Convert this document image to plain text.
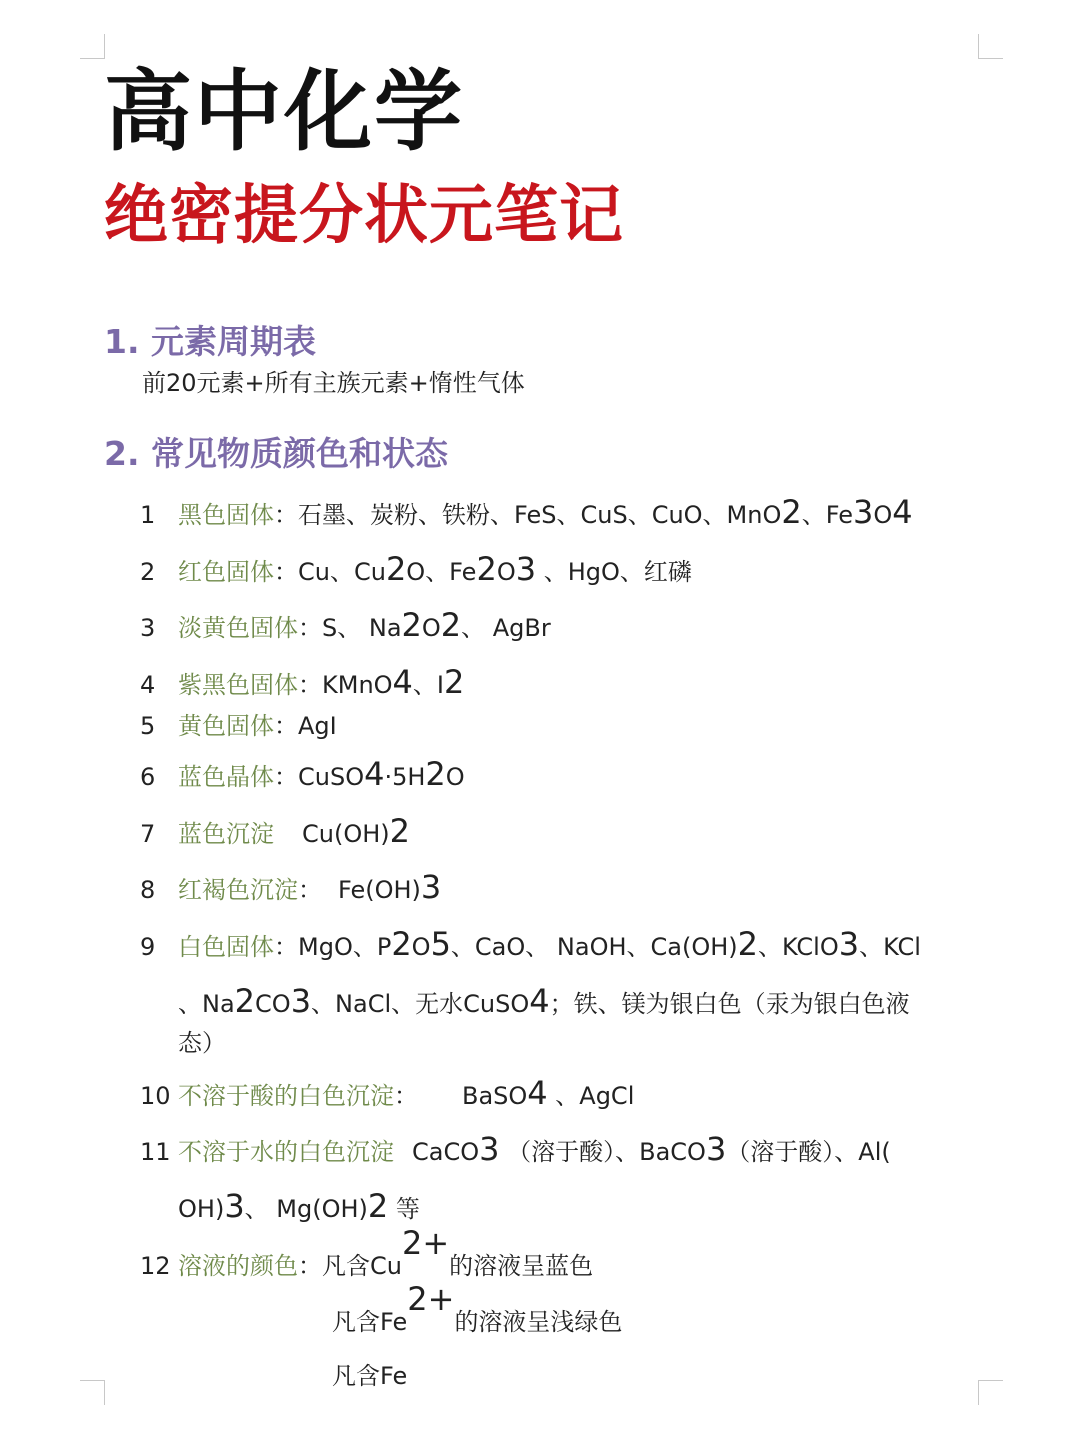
高中化学
绝密提分状元笔记
1. 元素周期表
前20元素+所有主族元素+惰性气体
2. 常见物质颜色和状态
1 黑色固体：石墨、炭粉、铁粉、FeS、CuS、CuO、MnO2、Fe3O4
2 红色固体：Cu、Cu2O、Fe2O3 、HgO、红磷
3 淡黄色固体：S、 Na2O2、 AgBr
4 紫黑色固体：KMnO4、I2
5 黄色固体：AgI
6 蓝色晶体：CuSO4·5H2O
7 蓝色沉淀 Cu(OH)2
8 红褐色沉淀： Fe(OH)3
9 白色固体：MgO、P2O5、CaO、 NaOH、Ca(OH)2、KClO3、KCl
、Na2CO3、NaCl、无水CuSO4；铁、镁为银白色（汞为银白色液
态）
10 不溶于酸的白色沉淀： BaSO4 、AgCl
11 不溶于水的白色沉淀 CaCO3 （溶于酸）、BaCO3（溶于酸）、Al(
OH)3、 Mg(OH)2 等
12 溶液的颜色：凡含Cu2+的溶液呈蓝色
凡含Fe2+的溶液呈浅绿色
凡含Fe
